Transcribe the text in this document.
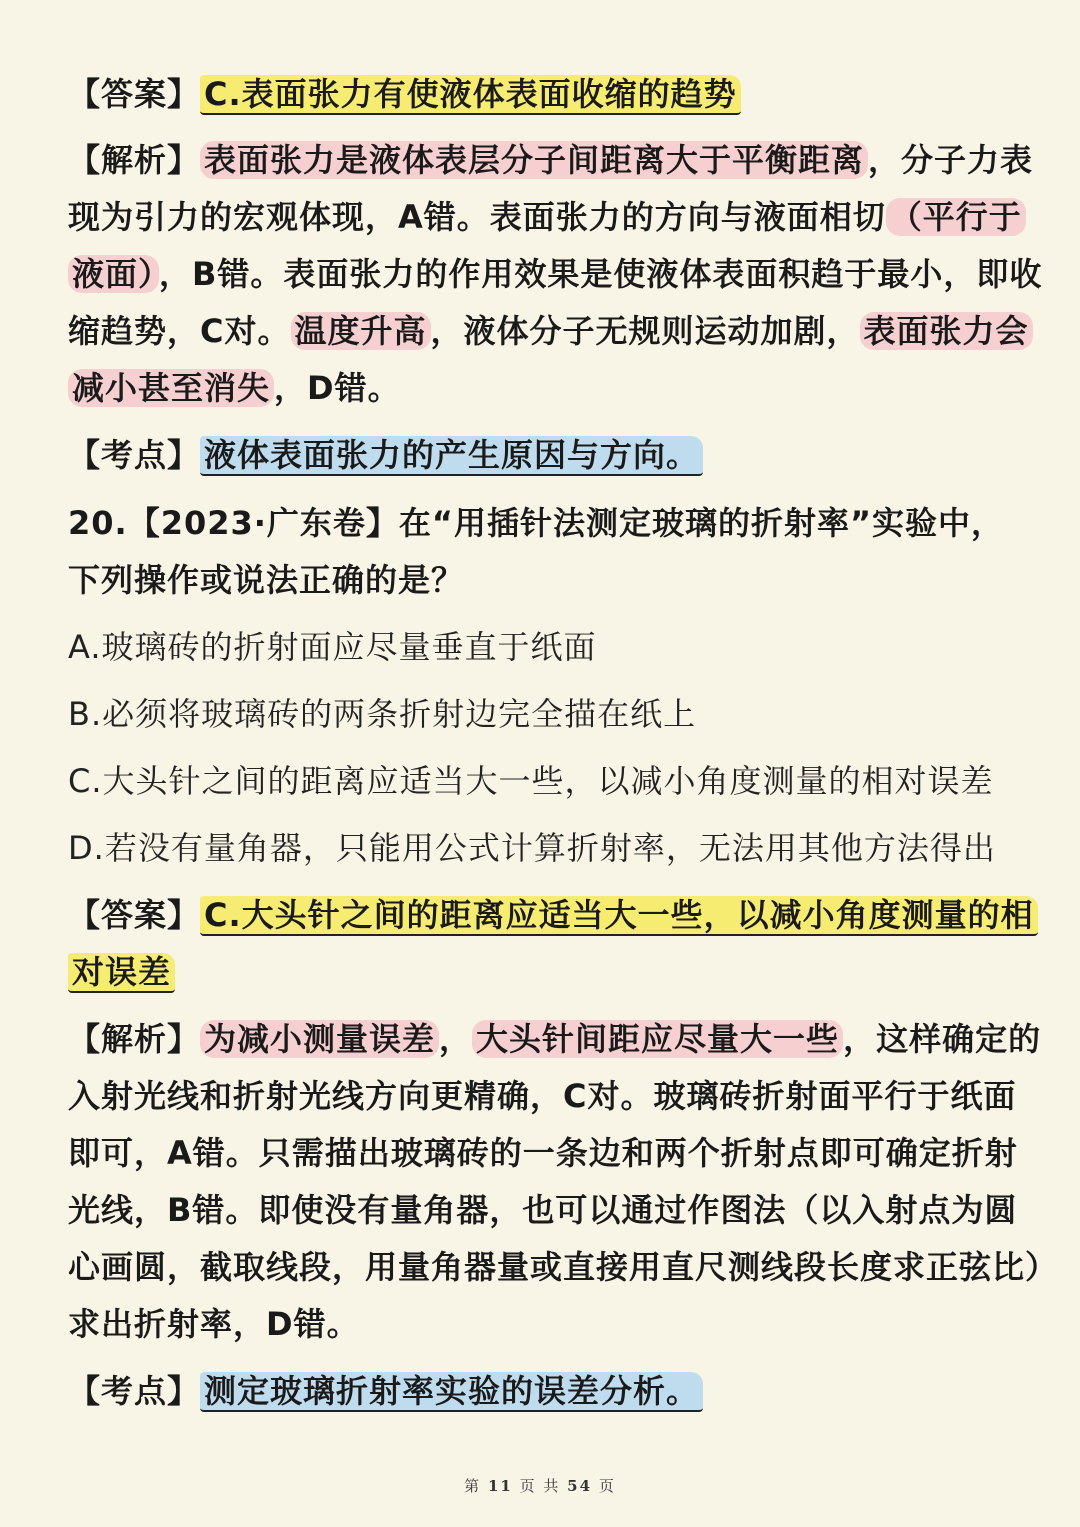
【答案】 C.表面张力有使液体表面收缩的趋势
【解析】 表面张力是液体表层分子间距离大于平衡距离 ，分子力表
现为引力的宏观体现，A错。表面张力的方向与液面相切 （平行于
液面） ，B错。表面张力的作用效果是使液体表面积趋于最小，即收
缩趋势，C对。 温度升高 ，液体分子无规则运动加剧， 表面张力会
减小甚至消失 ，D错。
【考点】 液体表面张力的产生原因与方向。
20.【2023·广东卷】在“用插针法测定玻璃的折射率”实验中，
下列操作或说法正确的是？
A.玻璃砖的折射面应尽量垂直于纸面
B.必须将玻璃砖的两条折射边完全描在纸上
C.大头针之间的距离应适当大一些，以减小角度测量的相对误差
D.若没有量角器，只能用公式计算折射率，无法用其他方法得出
【答案】 C.大头针之间的距离应适当大一些，以减小角度测量的相
对误差
【解析】 为减小测量误差 ， 大头针间距应尽量大一些 ，这样确定的
入射光线和折射光线方向更精确，C对。玻璃砖折射面平行于纸面
即可，A错。只需描出玻璃砖的一条边和两个折射点即可确定折射
光线，B错。即使没有量角器，也可以通过作图法（以入射点为圆
心画圆，截取线段，用量角器量或直接用直尺测线段长度求正弦比）
求出折射率，D错。
【考点】 测定玻璃折射率实验的误差分析。
第 11 页 共 54 页
